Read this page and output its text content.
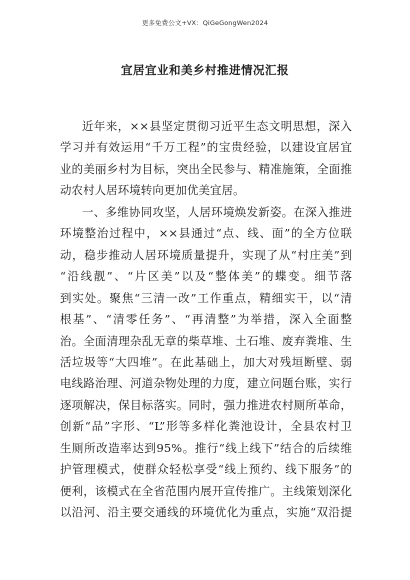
更多免费公文+VX：QiGeGongWen2024
宜居宜业和美乡村推进情况汇报
近年来，××县坚定贯彻习近平生态文明思想，深入
学习并有效运用“千万工程”的宝贵经验，以建设宜居宜
业的美丽乡村为目标，突出全民参与、精准施策，全面推
动农村人居环境转向更加优美宜居。
一、多维协同攻坚，人居环境焕发新姿。在深入推进
环境整治过程中，××县通过“点、线、面”的全方位联
动，稳步推动人居环境质量提升，实现了从“村庄美”到
“沿线靓”、“片区美”以及“整体美”的蝶变。细节落
到实处。聚焦“三清一改”工作重点，精细实干，以“清
根基”、“清零任务”、“再清整”为举措，深入全面整
治。全面清理杂乱无章的柴草堆、土石堆、废弃粪堆、生
活垃圾等“大四堆”。在此基础上，加大对残垣断壁、弱
电线路治理、河道杂物处理的力度，建立问题台账，实行
逐项解决，保目标落实。同时，强力推进农村厕所革命，
创新“品”字形、“L”形等多样化粪池设计，全县农村卫
生厕所改造率达到95%。推行“线上线下”结合的后续维
护管理模式，使群众轻松享受“线上预约、线下服务”的
便利，该模式在全省范围内展开宣传推广。主线策划深化
以沿河、沿主要交通线的环境优化为重点，实施“双沿提
